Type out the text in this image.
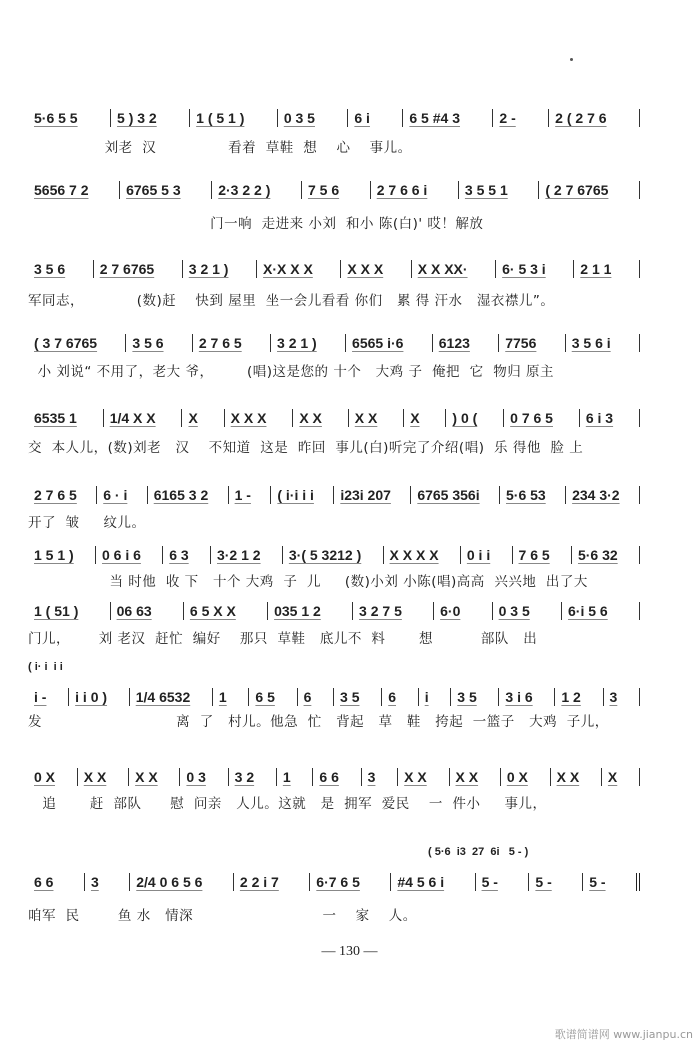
5·6 5 5	5 ) 3 2	1 ( 5 1 )	0 3 5	6 i	6 5 #4 3	2 -	2 ( 2 7 6
刘老  汉               看着  草鞋  想    心    事儿。
5656 7 2	6765 5 3	2·3 2 2 )	7 5 6	2 7 6 6 i	3 5 5 1	( 2 7 6765
门一响  走进来 小刘  和小 陈(白)' 哎！解放
3 5 6	2 7 6765	3 2 1 )	X·X X X	X X X	X X XX·	6· 5 3 i	2 1 1
军同志，           (数)赶    快到 屋里  坐一会儿看看 你们   累 得 汗水   湿衣襟儿”。
( 3 7 6765	3 5 6	2 7 6 5	3 2 1 )	6565 i·6	6123	7756	3 5 6 i
小 刘说“ 不用了，老大 爷，       (唱)这是您的 十个   大鸡 子  俺把  它  物归 原主
6535 1	1/4 X X	X	X X X	X X	X X	X	) 0 (	0 7 6 5	6 i 3
交  本人儿，(数)刘老   汉    不知道  这是  昨回  事儿(白)听完了介绍(唱)  乐 得他  脸 上
2 7 6 5	6 · i	6165 3 2	1 -	( i·i i i	i23i 207	6765 356i	5·6 53	234 3·2
开了  皱     纹儿。
1 5 1 )	0 6 i 6	6 3	3·2 1 2	3·( 5 3212 )	X X X X	0 i i	7 6 5	5·6 32
当 时他  收 下   十个 大鸡  子  儿     (数)小刘 小陈(唱)高高  兴兴地  出了大
1 ( 51 )	06 63	6 5 X X	035 1 2	3 2 7 5	6·0	0 3 5	6·i 5 6
门儿，      刘 老汉  赶忙  编好    那只  草鞋   底儿不  料       想          部队   出
( i· i  i i
i -	i i 0 )	1/4 6532	1	6 5	6	3 5	6	i	3 5	3 i 6	1 2	3
发                            离  了   村儿。他急  忙   背起   草   鞋   挎起  一篮子   大鸡  子儿，
0 X	X X	X X	0 3	3 2	1	6 6	3	X X	X X	0 X	X X	X
追       赶  部队      慰  问亲   人儿。这就   是  拥军  爱民    一  件小     事儿，
( 5·6  i3  27  6i   5 - )
6 6	3	2/4 0 6 5 6	2 2 i 7	6·7 6 5	#4 5 6 i	5 -	5 -	5 -
咱军  民        鱼 水   情深                           一    家    人。
— 130 —
歌谱简谱网 www.jianpu.cn
